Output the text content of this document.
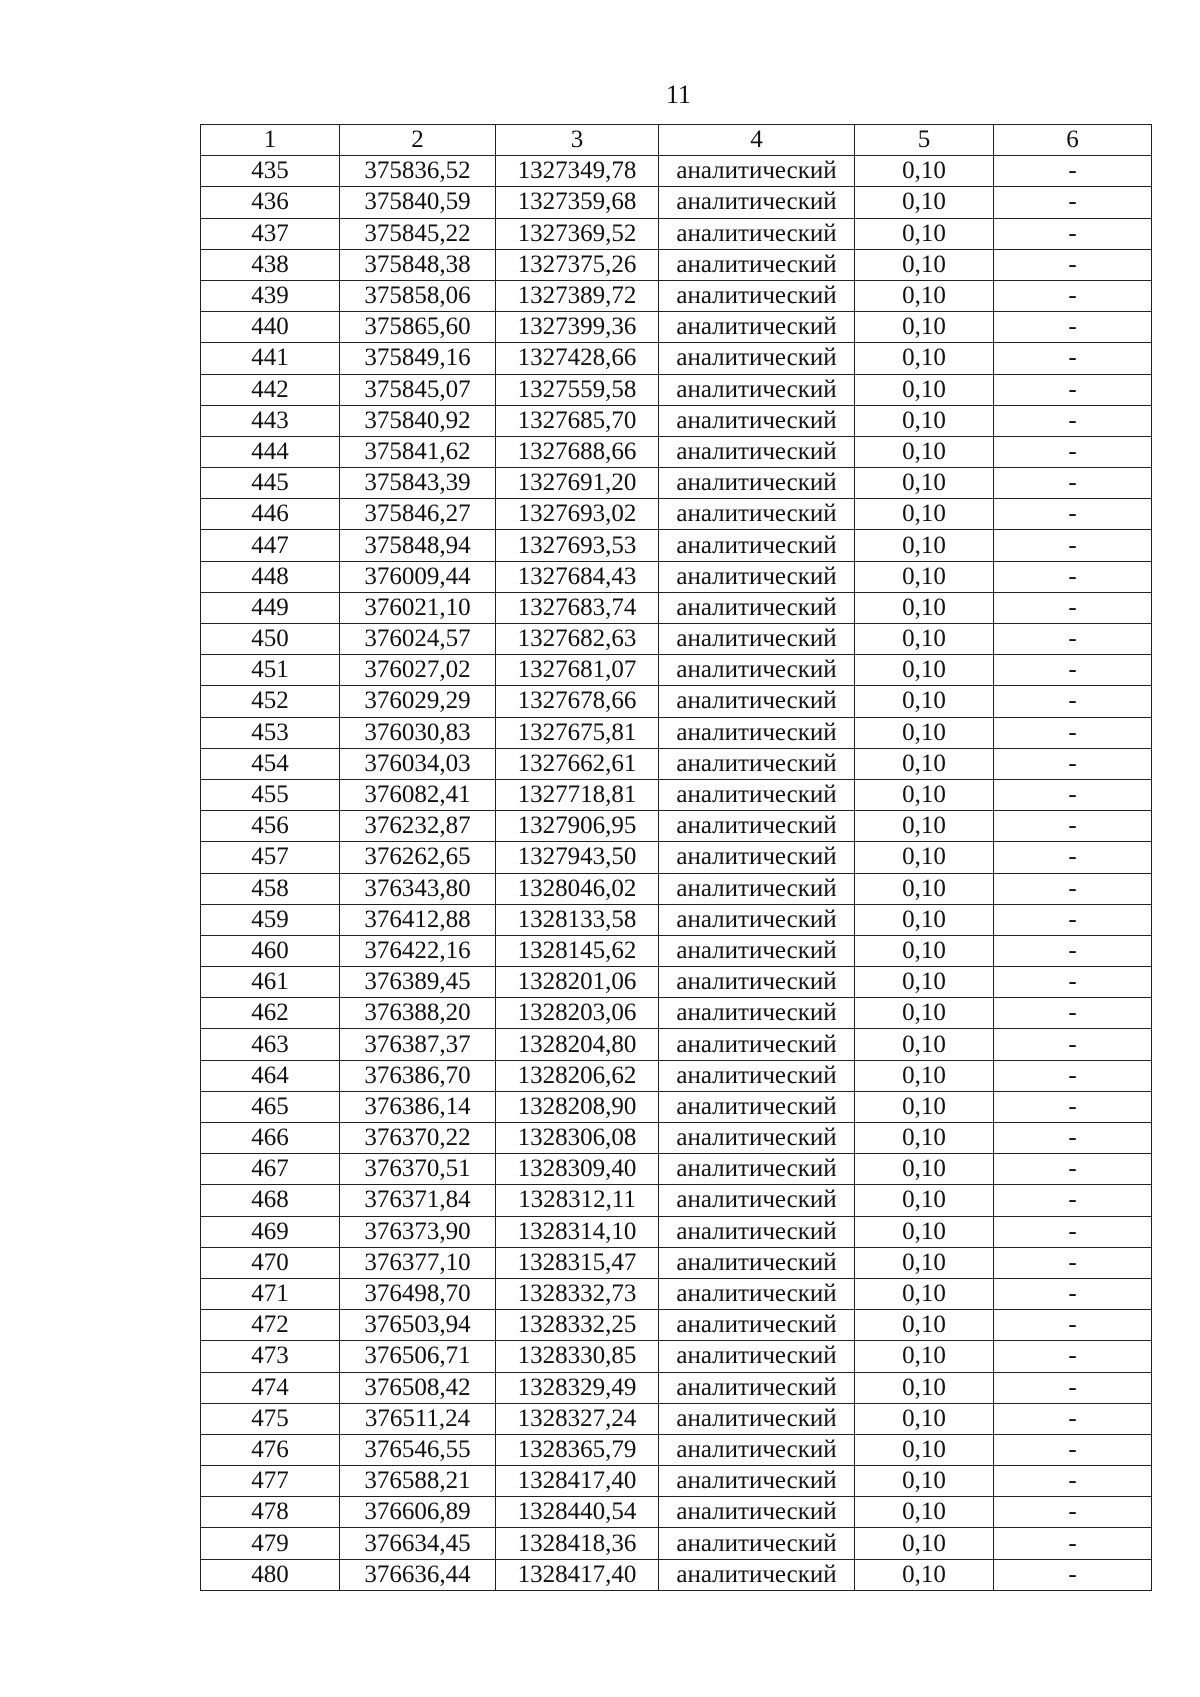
11
1	2	3	4	5	6
435	375836,52	1327349,78	аналитический	0,10	-
436	375840,59	1327359,68	аналитический	0,10	-
437	375845,22	1327369,52	аналитический	0,10	-
438	375848,38	1327375,26	аналитический	0,10	-
439	375858,06	1327389,72	аналитический	0,10	-
440	375865,60	1327399,36	аналитический	0,10	-
441	375849,16	1327428,66	аналитический	0,10	-
442	375845,07	1327559,58	аналитический	0,10	-
443	375840,92	1327685,70	аналитический	0,10	-
444	375841,62	1327688,66	аналитический	0,10	-
445	375843,39	1327691,20	аналитический	0,10	-
446	375846,27	1327693,02	аналитический	0,10	-
447	375848,94	1327693,53	аналитический	0,10	-
448	376009,44	1327684,43	аналитический	0,10	-
449	376021,10	1327683,74	аналитический	0,10	-
450	376024,57	1327682,63	аналитический	0,10	-
451	376027,02	1327681,07	аналитический	0,10	-
452	376029,29	1327678,66	аналитический	0,10	-
453	376030,83	1327675,81	аналитический	0,10	-
454	376034,03	1327662,61	аналитический	0,10	-
455	376082,41	1327718,81	аналитический	0,10	-
456	376232,87	1327906,95	аналитический	0,10	-
457	376262,65	1327943,50	аналитический	0,10	-
458	376343,80	1328046,02	аналитический	0,10	-
459	376412,88	1328133,58	аналитический	0,10	-
460	376422,16	1328145,62	аналитический	0,10	-
461	376389,45	1328201,06	аналитический	0,10	-
462	376388,20	1328203,06	аналитический	0,10	-
463	376387,37	1328204,80	аналитический	0,10	-
464	376386,70	1328206,62	аналитический	0,10	-
465	376386,14	1328208,90	аналитический	0,10	-
466	376370,22	1328306,08	аналитический	0,10	-
467	376370,51	1328309,40	аналитический	0,10	-
468	376371,84	1328312,11	аналитический	0,10	-
469	376373,90	1328314,10	аналитический	0,10	-
470	376377,10	1328315,47	аналитический	0,10	-
471	376498,70	1328332,73	аналитический	0,10	-
472	376503,94	1328332,25	аналитический	0,10	-
473	376506,71	1328330,85	аналитический	0,10	-
474	376508,42	1328329,49	аналитический	0,10	-
475	376511,24	1328327,24	аналитический	0,10	-
476	376546,55	1328365,79	аналитический	0,10	-
477	376588,21	1328417,40	аналитический	0,10	-
478	376606,89	1328440,54	аналитический	0,10	-
479	376634,45	1328418,36	аналитический	0,10	-
480	376636,44	1328417,40	аналитический	0,10	-
